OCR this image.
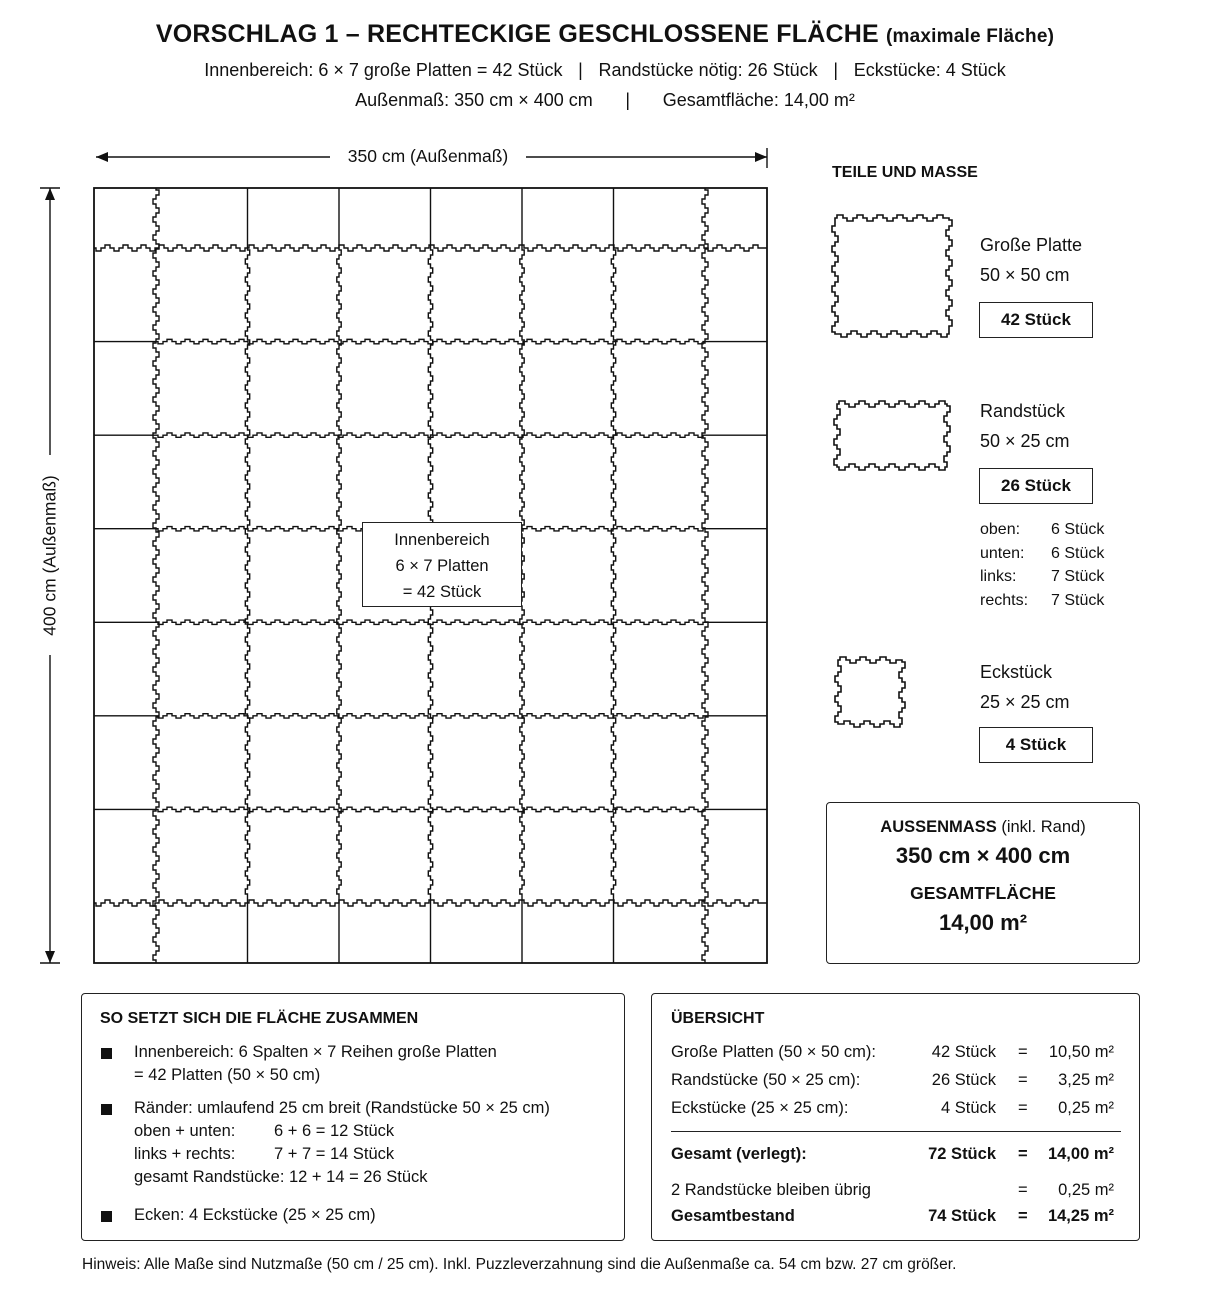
VORSCHLAG 1 – RECHTECKIGE GESCHLOSSENE FLÄCHE (maximale Fläche)
Innenbereich: 6 × 7 große Platten = 42 Stück | Randstücke nötig: 26 Stück | Eckstücke: 4 Stück
Außenmaß: 350 cm × 400 cm | Gesamtfläche: 14,00 m²
350 cm (Außenmaß)
400 cm (Außenmaß)	Innenbereich
6 × 7 Platten
= 42 Stück
TEILE UND MASSE
Große Platte
50 × 50 cm
42 Stück
Randstück
50 × 25 cm
26 Stück
oben: 6 Stück
unten: 6 Stück
links: 7 Stück
rechts: 7 Stück
Eckstück
25 × 25 cm
4 Stück
AUSSENMASS (inkl. Rand)
350 cm × 400 cm
GESAMTFLÄCHE
14,00 m²
SO SETZT SICH DIE FLÄCHE ZUSAMMEN
Innenbereich: 6 Spalten × 7 Reihen große Platten
= 42 Platten (50 × 50 cm)
Ränder: umlaufend 25 cm breit (Randstücke 50 × 25 cm)
oben + unten: 6 + 6 = 12 Stück
links + rechts: 7 + 7 = 14 Stück
gesamt Randstücke: 12 + 14 = 26 Stück
Ecken: 4 Eckstücke (25 × 25 cm)
ÜBERSICHT
Große Platten (50 × 50 cm):	42 Stück =	10,50 m²
Randstücke (50 × 25 cm):	26 Stück =	3,25 m²
Eckstücke (25 × 25 cm):	4 Stück =	0,25 m²
Gesamt (verlegt):	72 Stück =	14,00 m²
2 Randstücke bleiben übrig	=	0,25 m²
Gesamtbestand	74 Stück =	14,25 m²
Hinweis: Alle Maße sind Nutzmaße (50 cm / 25 cm). Inkl. Puzzleverzahnung sind die Außenmaße ca. 54 cm bzw. 27 cm größer.
